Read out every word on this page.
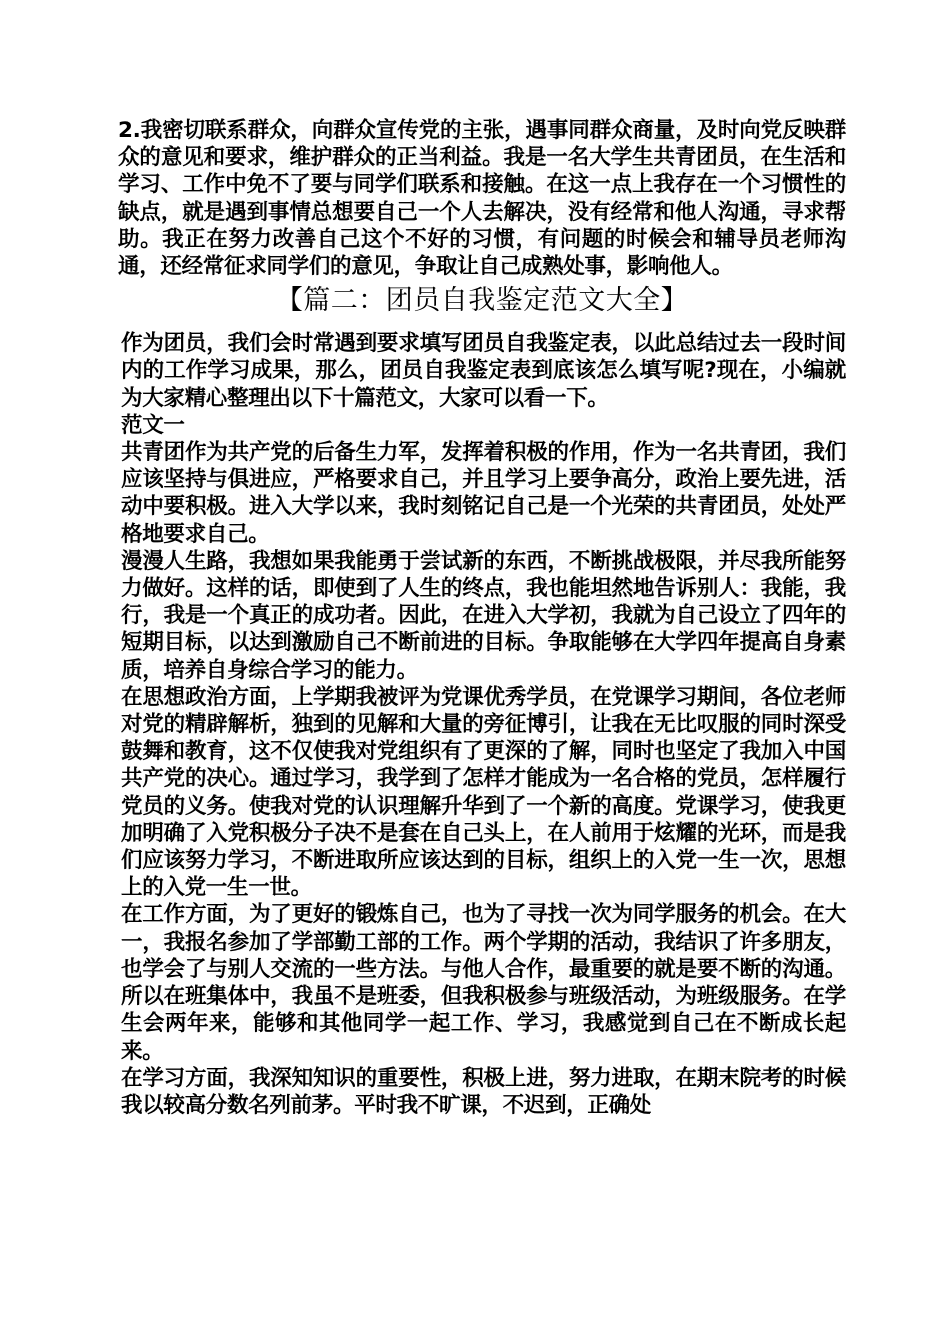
2.我密切联系群众，向群众宣传党的主张，遇事同群众商量，及时向党反映群众的意见和要求，维护群众的正当利益。我是一名大学生共青团员，在生活和学习、工作中免不了要与同学们联系和接触。在这一点上我存在一个习惯性的缺点，就是遇到事情总想要自己一个人去解决，没有经常和他人沟通，寻求帮助。我正在努力改善自己这个不好的习惯，有问题的时候会和辅导员老师沟通，还经常征求同学们的意见，争取让自己成熟处事，影响他人。

【篇二：团员自我鉴定范文大全】

作为团员，我们会时常遇到要求填写团员自我鉴定表，以此总结过去一段时间内的工作学习成果，那么，团员自我鉴定表到底该怎么填写呢?现在，小编就为大家精心整理出以下十篇范文，大家可以看一下。

范文一

共青团作为共产党的后备生力军，发挥着积极的作用，作为一名共青团，我们应该坚持与俱进应，严格要求自己，并且学习上要争高分，政治上要先进，活动中要积极。进入大学以来，我时刻铭记自己是一个光荣的共青团员，处处严格地要求自己。

漫漫人生路，我想如果我能勇于尝试新的东西，不断挑战极限，并尽我所能努力做好。这样的话，即使到了人生的终点，我也能坦然地告诉别人：我能，我行，我是一个真正的成功者。因此，在进入大学初，我就为自己设立了四年的短期目标，以达到激励自己不断前进的目标。争取能够在大学四年提高自身素质，培养自身综合学习的能力。

在思想政治方面，上学期我被评为党课优秀学员，在党课学习期间，各位老师对党的精辟解析，独到的见解和大量的旁征博引，让我在无比叹服的同时深受鼓舞和教育，这不仅使我对党组织有了更深的了解，同时也坚定了我加入中国共产党的决心。通过学习，我学到了怎样才能成为一名合格的党员，怎样履行党员的义务。使我对党的认识理解升华到了一个新的高度。党课学习，使我更加明确了入党积极分子决不是套在自己头上，在人前用于炫耀的光环，而是我们应该努力学习，不断进取所应该达到的目标，组织上的入党一生一次，思想上的入党一生一世。

在工作方面，为了更好的锻炼自己，也为了寻找一次为同学服务的机会。在大一，我报名参加了学部勤工部的工作。两个学期的活动，我结识了许多朋友，也学会了与别人交流的一些方法。与他人合作，最重要的就是要不断的沟通。所以在班集体中，我虽不是班委，但我积极参与班级活动，为班级服务。在学生会两年来，能够和其他同学一起工作、学习，我感觉到自己在不断成长起来。

在学习方面，我深知知识的重要性，积极上进，努力进取，在期末院考的时候我以较高分数名列前茅。平时我不旷课，不迟到，正确处
